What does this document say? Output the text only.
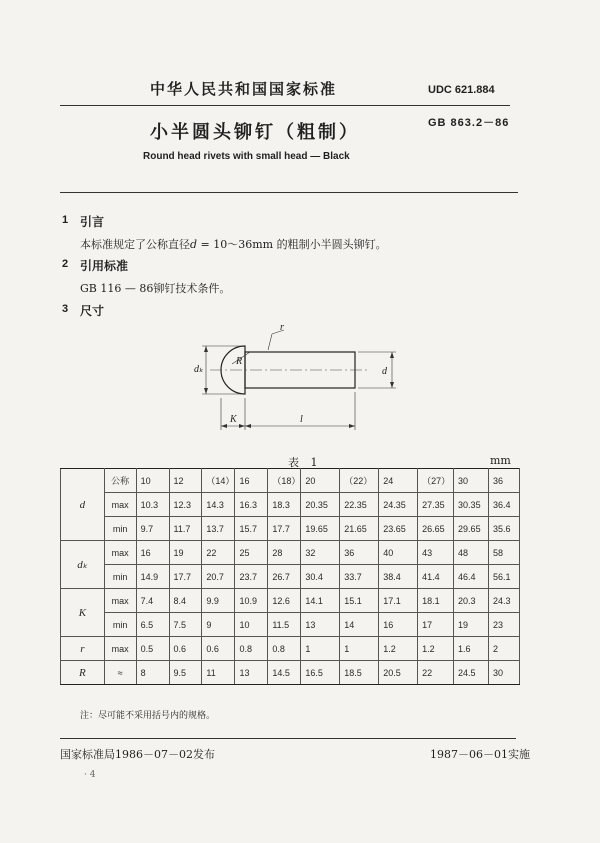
中华人民共和国国家标准	UDC 621.884
GB 863.2－86
小半圆头铆钉（粗制）
Round head rivets with small head — Black
1 引言
本标准规定了公称直径d = 10～36mm 的粗制小半圆头铆钉。
2 引用标准
GB 116 — 86铆钉技术条件。
3 尺寸
r
R
dₖ	d
K	l
表 1	mm
d	公称	10	12	（14）	16	（18）	20	（22）	24	（27）	30	36
	max	10.3	12.3	14.3	16.3	18.3	20.35	22.35	24.35	27.35	30.35	36.4
	min	9.7	11.7	13.7	15.7	17.7	19.65	21.65	23.65	26.65	29.65	35.6
dₖ	max	16	19	22	25	28	32	36	40	43	48	58
	min	14.9	17.7	20.7	23.7	26.7	30.4	33.7	38.4	41.4	46.4	56.1
K	max	7.4	8.4	9.9	10.9	12.6	14.1	15.1	17.1	18.1	20.3	24.3
	min	6.5	7.5	9	10	11.5	13	14	16	17	19	23
r	max	0.5	0.6	0.6	0.8	0.8	1	1	1.2	1.2	1.6	2
R	≈	8	9.5	11	13	14.5	16.5	18.5	20.5	22	24.5	30
注：尽可能不采用括号内的规格。
国家标准局1986－07－02发布	1987－06－01实施
· 4
